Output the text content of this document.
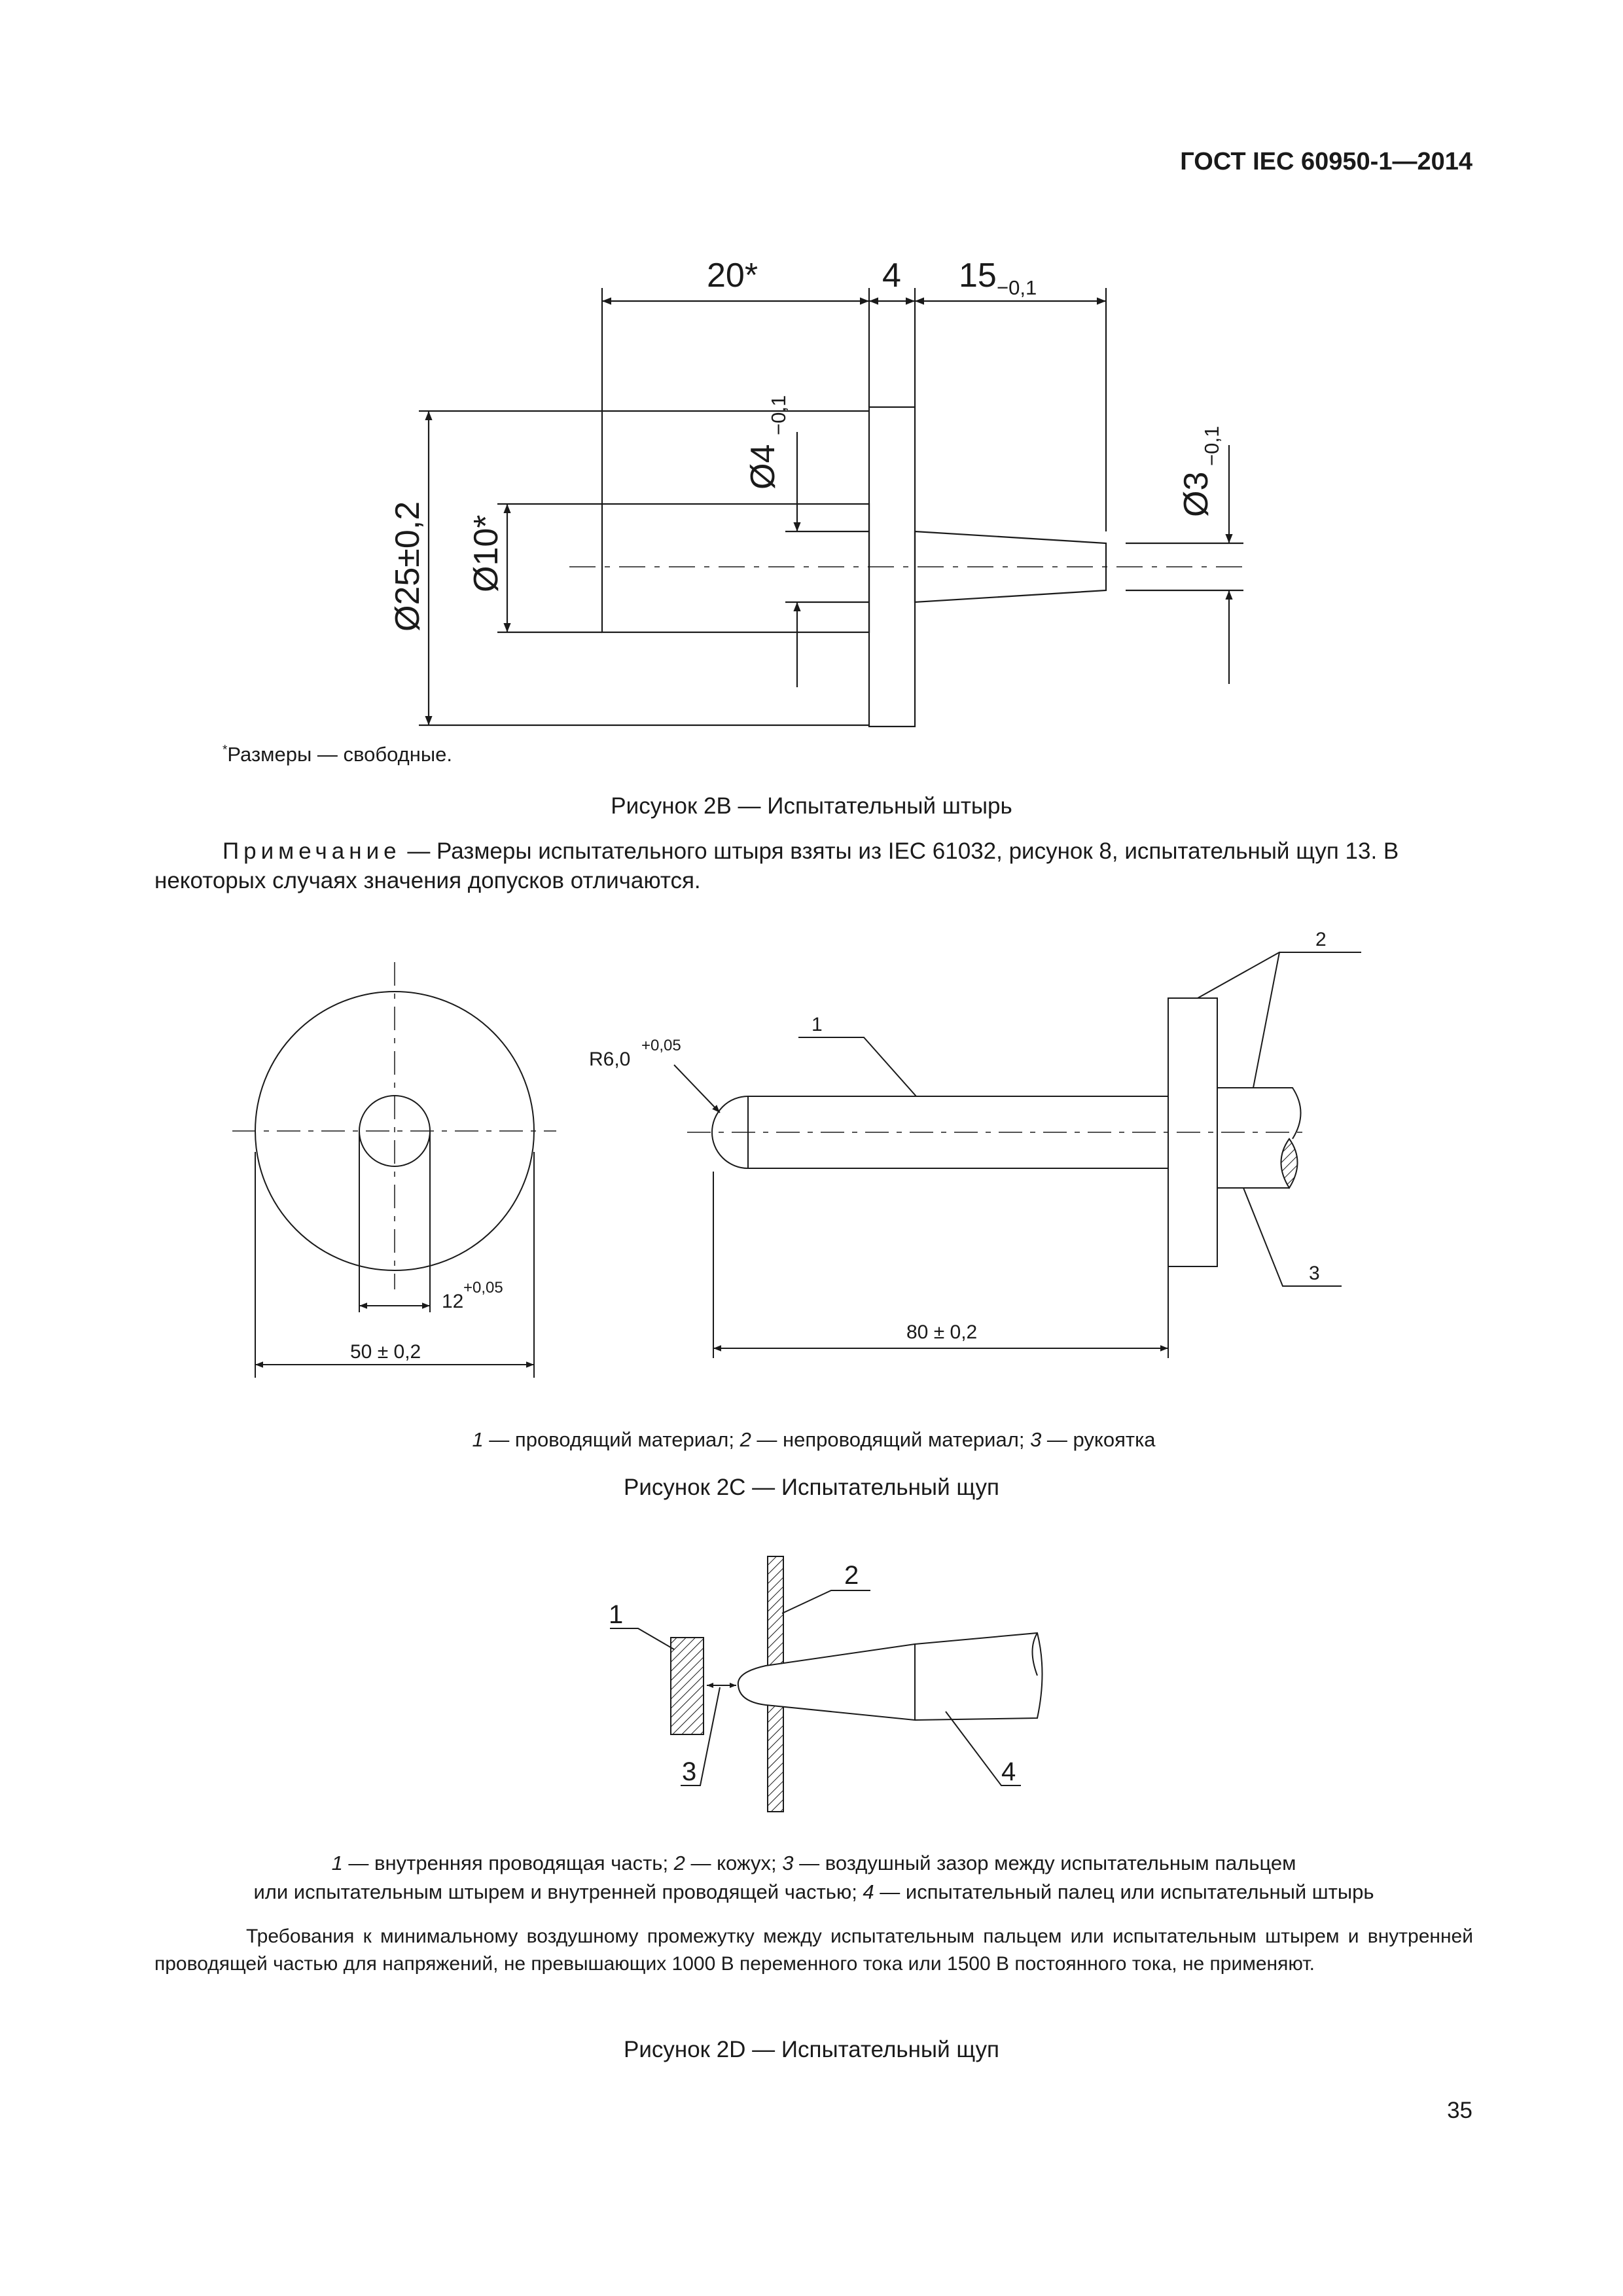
ГОСТ IEC 60950-1—2014
20*	4 15 −0,1
Ø25±0,2 Ø10*
Ø4
−0,1
Ø3
−0,1
*Размеры — свободные.
Рисунок 2В — Испытательный штырь
Примечание — Размеры испытательного штыря взяты из IEC 61032, рисунок 8, испытательный щуп 13. В некоторых случаях значения допусков отличаются.
50 ± 0,2
12
+0,05
R6,0
+0,05
80 ± 0,2
1
2
3
1 — проводящий материал; 2 — непроводящий материал; 3 — рукоятка
Рисунок 2С — Испытательный щуп
1
2
3	4
1 — внутренняя проводящая часть; 2 — кожух; 3 — воздушный зазор между испытательным пальцем
или испытательным штырем и внутренней проводящей частью; 4 — испытательный палец или испытательный штырь
Требования к минимальному воздушному промежутку между испытательным пальцем или испытательным штырем и внутренней проводящей частью для напряжений, не превышающих 1000 В переменного тока или 1500 В постоянного тока, не применяют.
Рисунок 2D — Испытательный щуп
35
